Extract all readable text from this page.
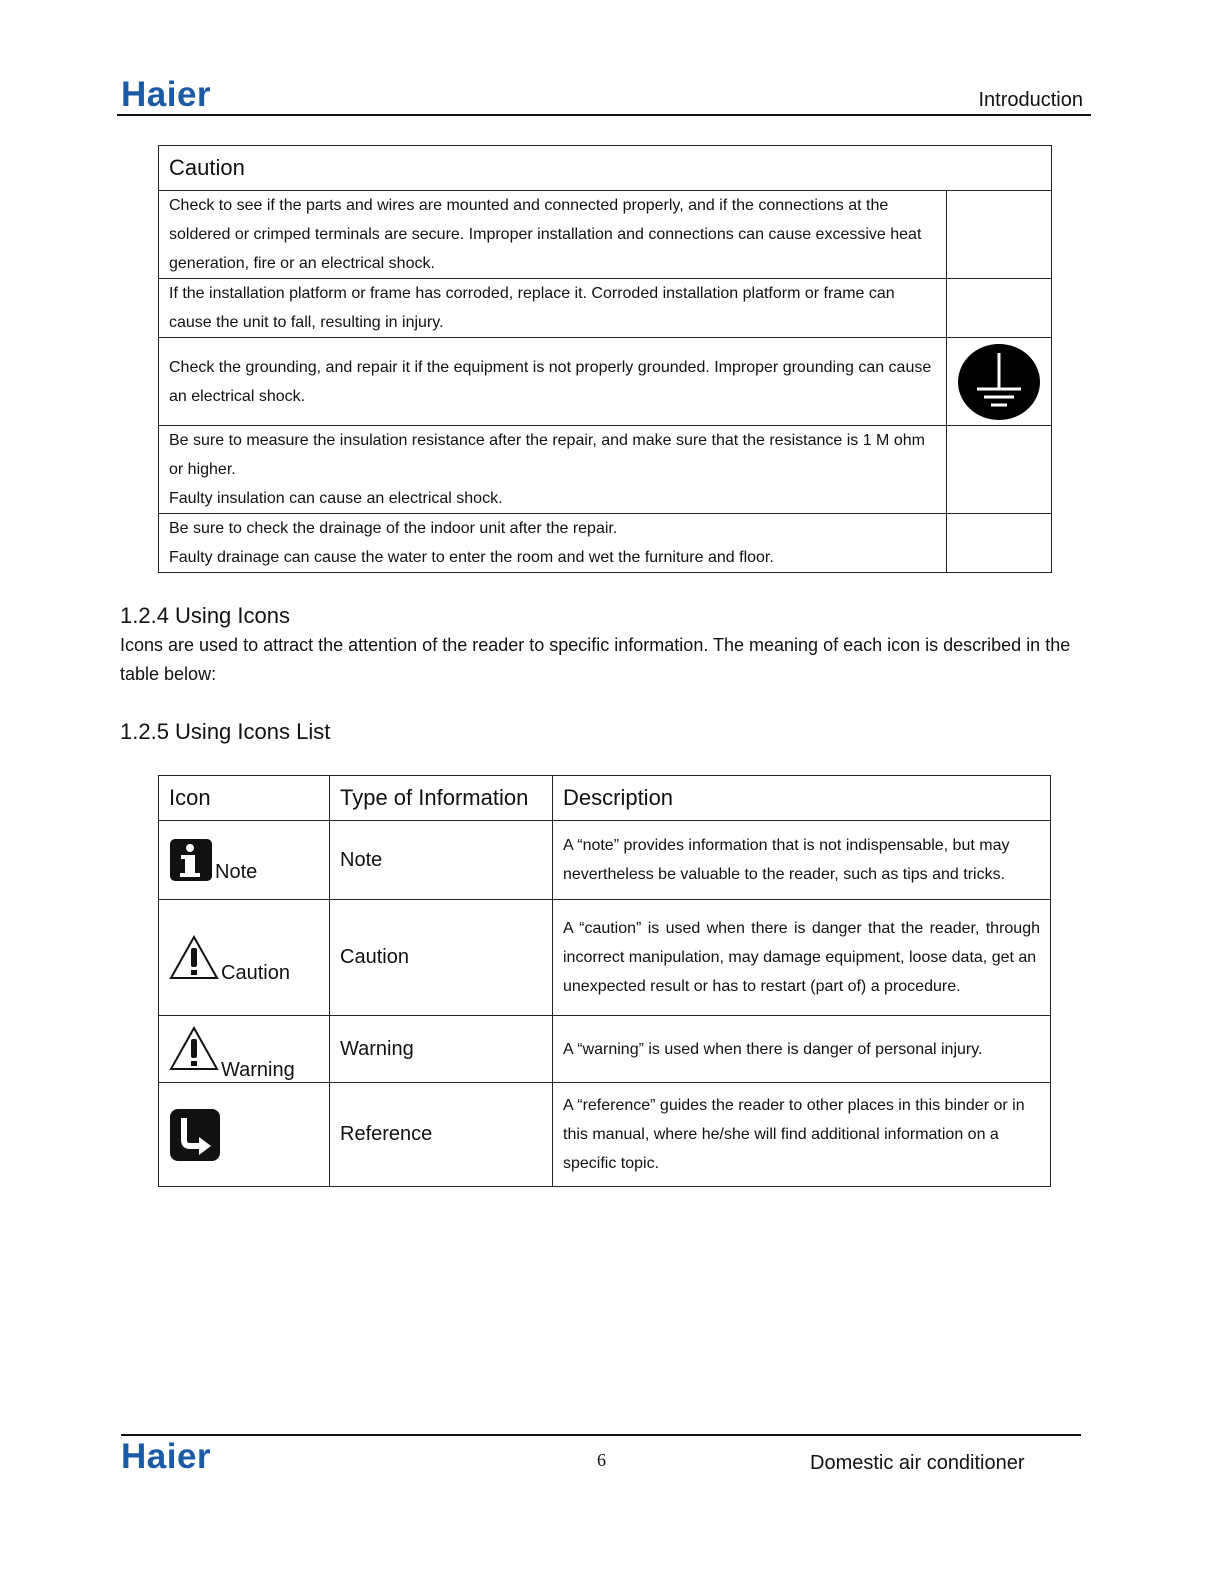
Haier	Introduction
Caution	
Check to see if the parts and wires are mounted and connected properly, and if the connections at the soldered or crimped terminals are secure. Improper installation and connections can cause excessive heat generation, fire or an electrical shock.	
If the installation platform or frame has corroded, replace it. Corroded installation platform or frame can cause the unit to fall, resulting in injury.	
Check the grounding, and repair it if the equipment is not properly grounded. Improper grounding can cause an electrical shock.	

Be sure to measure the insulation resistance after the repair, and make sure that the resistance is 1 M ohm or higher.
Faulty insulation can cause an electrical shock.	
Be sure to check the drainage of the indoor unit after the repair.
Faulty drainage can cause the water to enter the room and wet the furniture and floor.	
1.2.4 Using Icons
Icons are used to attract the attention of the reader to specific information. The meaning of each icon is described in the table below:
1.2.5 Using Icons List
Icon	Type of Information	Description

Note	Note	A “note” provides information that is not indispensable, but may nevertheless be valuable to the reader, such as tips and tricks.

Caution	Caution	A “caution” is used when there is danger that the reader, through incorrect manipulation, may damage equipment, loose data, get an
unexpected result or has to restart (part of) a procedure.

Warning	Warning	A “warning” is used when there is danger of personal injury.

	Reference	A “reference” guides the reader to other places in this binder or in this manual, where he/she will find additional information on a specific topic.
Haier	6	Domestic air conditioner
